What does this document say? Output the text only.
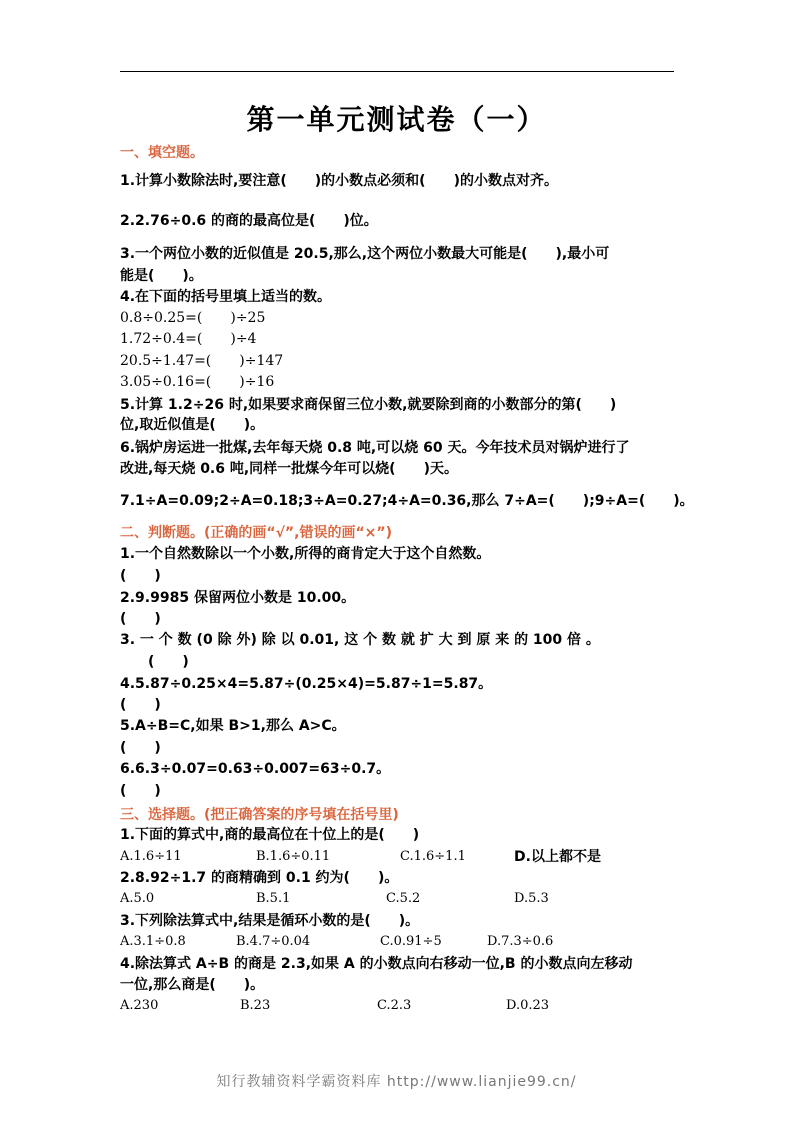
第一单元测试卷（一）
一、填空题。
1.计算小数除法时,要注意(　　)的小数点必须和(　　)的小数点对齐。
2.2.76÷0.6 的商的最高位是(　　)位。
3.一个两位小数的近似值是 20.5,那么,这个两位小数最大可能是(　　),最小可
能是(　　)。
4.在下面的括号里填上适当的数。
0.8÷0.25=(　　)÷25
1.72÷0.4=(　　)÷4
20.5÷1.47=(　　)÷147
3.05÷0.16=(　　)÷16
5.计算 1.2÷26 时,如果要求商保留三位小数,就要除到商的小数部分的第(　　)
位,取近似值是(　　)。
6.锅炉房运进一批煤,去年每天烧 0.8 吨,可以烧 60 天。今年技术员对锅炉进行了
改进,每天烧 0.6 吨,同样一批煤今年可以烧(　　)天。
7.1÷A=0.09;2÷A=0.18;3÷A=0.27;4÷A=0.36,那么 7÷A=(　　);9÷A=(　　)。
二、判断题。(正确的画“√”,错误的画“×”)
1.一个自然数除以一个小数,所得的商肯定大于这个自然数。
(　　)
2.9.9985 保留两位小数是 10.00。
(　　)
3. 一 个 数 (0 除 外) 除 以 0.01, 这 个 数 就 扩 大 到 原 来 的 100 倍 。
(　　)
4.5.87÷0.25×4=5.87÷(0.25×4)=5.87÷1=5.87。
(　　)
5.A÷B=C,如果 B>1,那么 A>C。
(　　)
6.6.3÷0.07=0.63÷0.007=63÷0.7。
(　　)
三、选择题。(把正确答案的序号填在括号里)
1.下面的算式中,商的最高位在十位上的是(　　)
A.1.6÷11	B.1.6÷0.11	C.1.6÷1.1	D.以上都不是
2.8.92÷1.7 的商精确到 0.1 约为(　　)。
A.5.0	B.5.1	C.5.2	D.5.3
3.下列除法算式中,结果是循环小数的是(　　)。
A.3.1÷0.8	B.4.7÷0.04	C.0.91÷5	D.7.3÷0.6
4.除法算式 A÷B 的商是 2.3,如果 A 的小数点向右移动一位,B 的小数点向左移动
一位,那么商是(　　)。
A.230	B.23	C.2.3	D.0.23
知行教辅资料学霸资料库 http://www.lianjie99.cn/
